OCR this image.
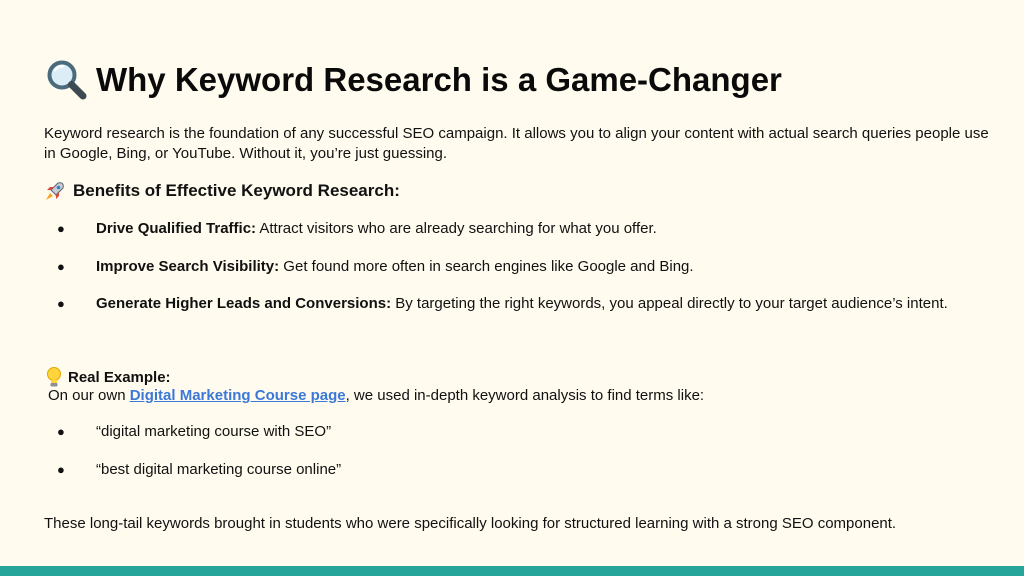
Why Keyword Research is a Game-Changer
Keyword research is the foundation of any successful SEO campaign. It allows you to align your content with actual search queries people use in Google, Bing, or YouTube. Without it, you’re just guessing.
Benefits of Effective Keyword Research:
● Drive Qualified Traffic: Attract visitors who are already searching for what you offer.
● Improve Search Visibility: Get found more often in search engines like Google and Bing.
● Generate Higher Leads and Conversions: By targeting the right keywords, you appeal directly to your target audience’s intent.
Real Example:
On our own Digital Marketing Course page, we used in-depth keyword analysis to find terms like:
● “digital marketing course with SEO”
● “best digital marketing course online”
These long-tail keywords brought in students who were specifically looking for structured learning with a strong SEO component.
